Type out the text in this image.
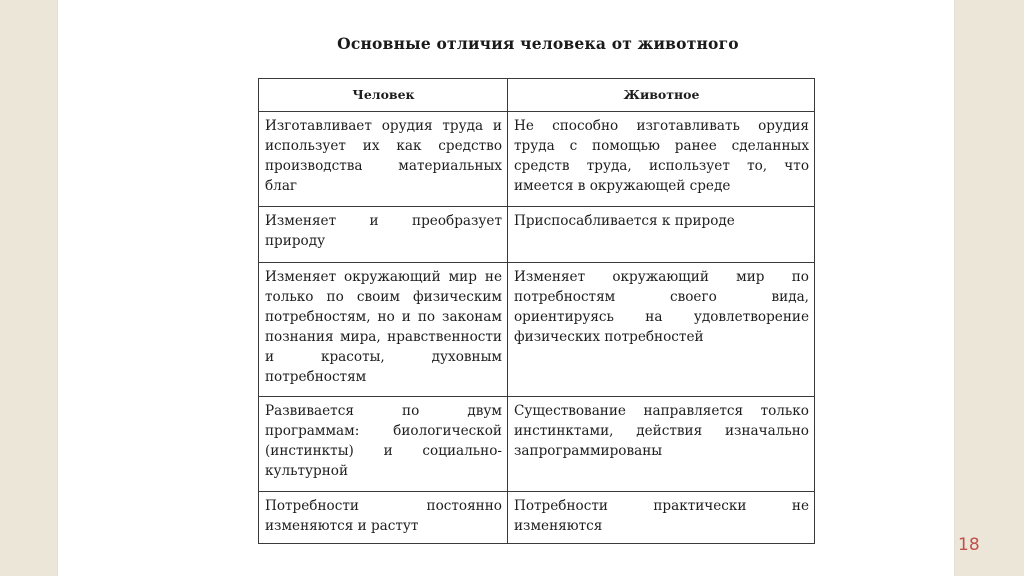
Основные отличия человека от животного
Человек	Животное
Изготавливает орудия труда и использует их как средство производства материальных благ	Не способно изготавливать орудия труда с помощью ранее сделанных средств труда, использует то, что имеется в окружающей среде
Изменяет и преобразует природу	Приспосабливается к природе
Изменяет окружающий мир не только по своим физическим потребностям, но и по законам познания мира, нравственности и красоты, духовным потребностям	Изменяет окружающий мир по потребностям своего вида, ориентируясь на удовлетворение физических потребностей
Развивается по двум программам: биологической (инстинкты) и социально-культурной	Существование направляется только инстинктами, действия изначально запрограммированы
Потребности постоянно изменяются и растут	Потребности практически не изменяются
18
